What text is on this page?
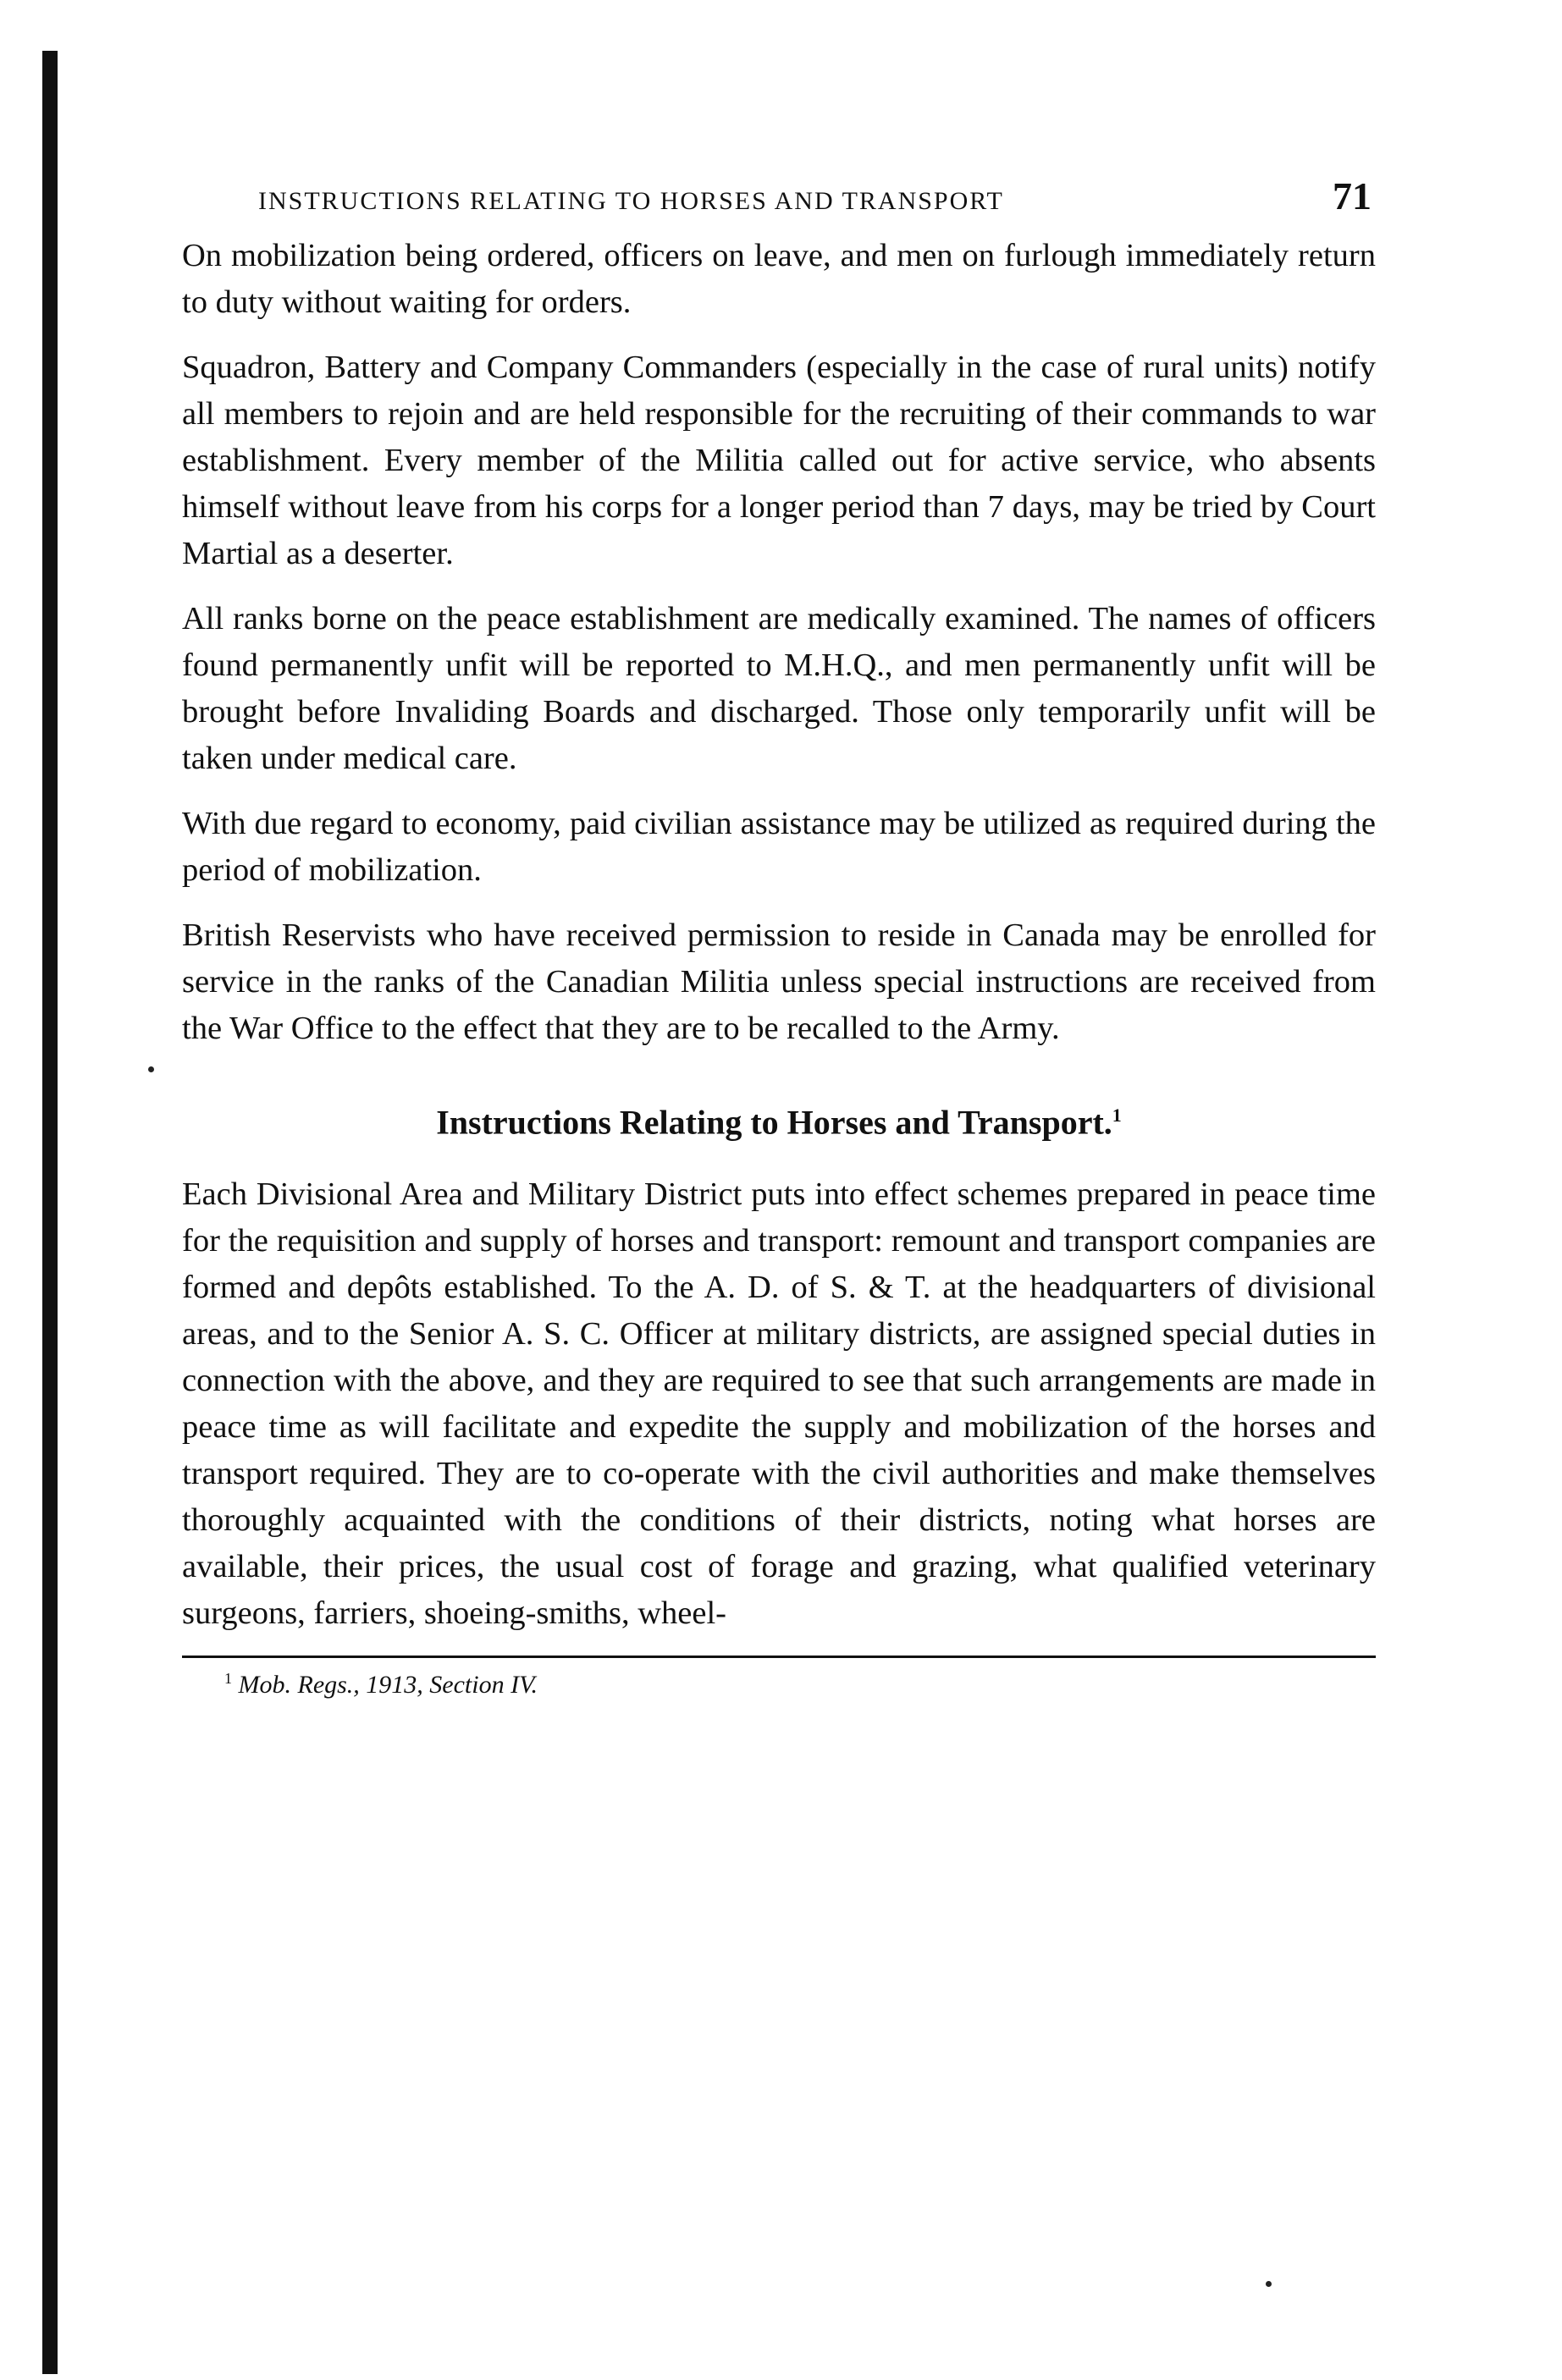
INSTRUCTIONS RELATING TO HORSES AND TRANSPORT	71

On mobilization being ordered, officers on leave, and men on furlough immediately return to duty without waiting for orders.

Squadron, Battery and Company Commanders (especially in the case of rural units) notify all members to rejoin and are held responsible for the recruiting of their commands to war establishment. Every member of the Militia called out for active service, who absents himself without leave from his corps for a longer period than 7 days, may be tried by Court Martial as a deserter.

All ranks borne on the peace establishment are medically examined. The names of officers found permanently unfit will be reported to M.H.Q., and men permanently unfit will be brought before Invaliding Boards and discharged. Those only temporarily unfit will be taken under medical care.

With due regard to economy, paid civilian assistance may be utilized as required during the period of mobilization.

British Reservists who have received permission to reside in Canada may be enrolled for service in the ranks of the Canadian Militia unless special instructions are received from the War Office to the effect that they are to be recalled to the Army.

Instructions Relating to Horses and Transport.$^1$

Each Divisional Area and Military District puts into effect schemes prepared in peace time for the requisition and supply of horses and transport: remount and transport companies are formed and depôts established. To the A. D. of S. & T. at the headquarters of divisional areas, and to the Senior A. S. C. Officer at military districts, are assigned special duties in connection with the above, and they are required to see that such arrangements are made in peace time as will facilitate and expedite the supply and mobilization of the horses and transport required. They are to co-operate with the civil authorities and make themselves thoroughly acquainted with the conditions of their districts, noting what horses are available, their prices, the usual cost of forage and grazing, what qualified veterinary surgeons, farriers, shoeing-smiths, wheel-

$^1$ Mob. Regs., 1913, Section IV.
